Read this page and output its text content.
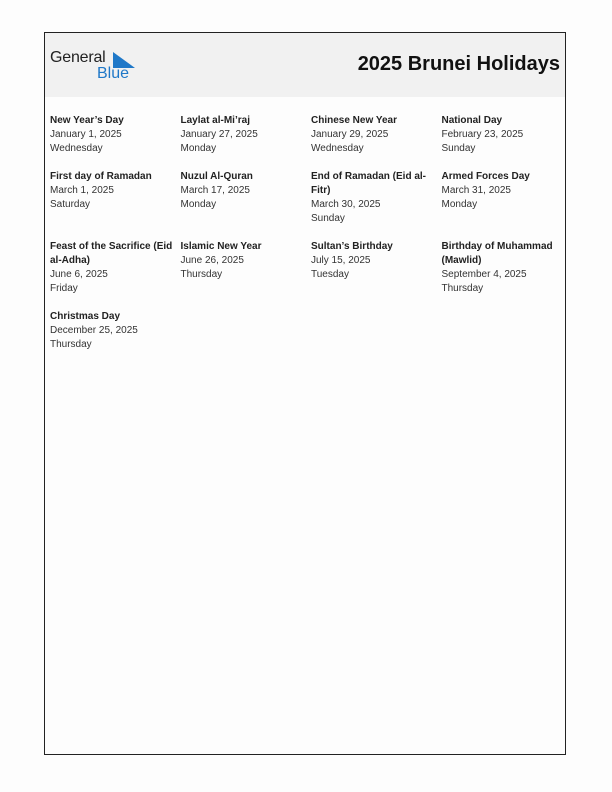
General
Blue	2025 Brunei Holidays
New Year’s Day
January 1, 2025
Wednesday
Laylat al-Mi’raj
January 27, 2025
Monday
Chinese New Year
January 29, 2025
Wednesday
National Day
February 23, 2025
Sunday
First day of Ramadan
March 1, 2025
Saturday
Nuzul Al-Quran
March 17, 2025
Monday
End of Ramadan (Eid al-Fitr)
March 30, 2025
Sunday
Armed Forces Day
March 31, 2025
Monday
Feast of the Sacrifice (Eid al-Adha)
June 6, 2025
Friday
Islamic New Year
June 26, 2025
Thursday
Sultan’s Birthday
July 15, 2025
Tuesday
Birthday of Muhammad (Mawlid)
September 4, 2025
Thursday
Christmas Day
December 25, 2025
Thursday
